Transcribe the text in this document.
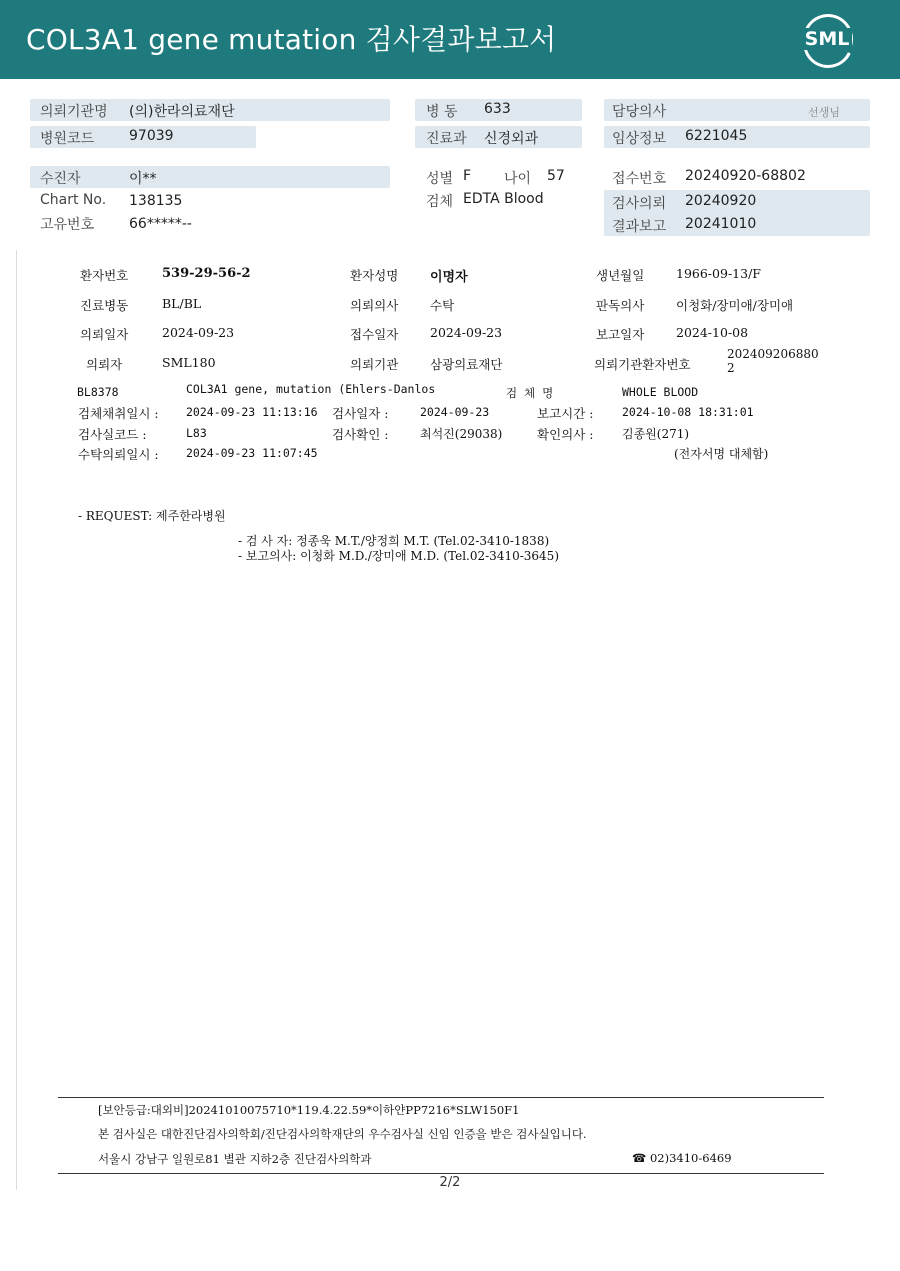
COL3A1 gene mutation 검사결과보고서	SML
의뢰기관명 (의)한라의료재단	병 동 633	담당의사	선생님
병원코드 97039	진료과 신경외과	임상정보 6221045
수진자	이**	성별 F 나이 57	접수번호 20240920-68802
Chart No. 138135	검체 EDTA Blood	검사의뢰 20240920
고유번호 66*****--	결과보고 20241010
환자번호	539-29-56-2	환자성명 이명자	생년월일	1966-09-13/F
진료병동	BL/BL	의뢰의사	수탁	판독의사	이청화/장미애/장미애
의뢰일자	2024-09-23	접수일자	2024-09-23	보고일자	2024-10-08
의뢰자	SML180	의뢰기관	삼광의료재단	의뢰기관환자번호
202409206880
2
BL8378	COL3A1 gene, mutation (Ehlers-Danlos	검 체 명	WHOLE BLOOD
검체채취일시 : 2024-09-23 11:13:16 검사일자 :	2024-09-23	보고시간 : 2024-10-08 18:31:01
검사실코드 :	L83	검사확인 :	최석진(29038)	확인의사 : 김종원(271)
수탁의뢰일시 : 2024-09-23 11:07:45	(전자서명 대체함)
- REQUEST: 제주한라병원
- 검 사 자: 정종욱 M.T./양정희 M.T. (Tel.02-3410-1838)
- 보고의사: 이청화 M.D./장미애 M.D. (Tel.02-3410-3645)
[보안등급:대외비]20241010075710*119.4.22.59*이하얀PP7216*SLW150F1
본 검사실은 대한진단검사의학회/진단검사의학재단의 우수검사실 신임 인증을 받은 검사실입니다.
서울시 강남구 일원로81 별관 지하2층 진단검사의학과	☎ 02)3410-6469
2/2
